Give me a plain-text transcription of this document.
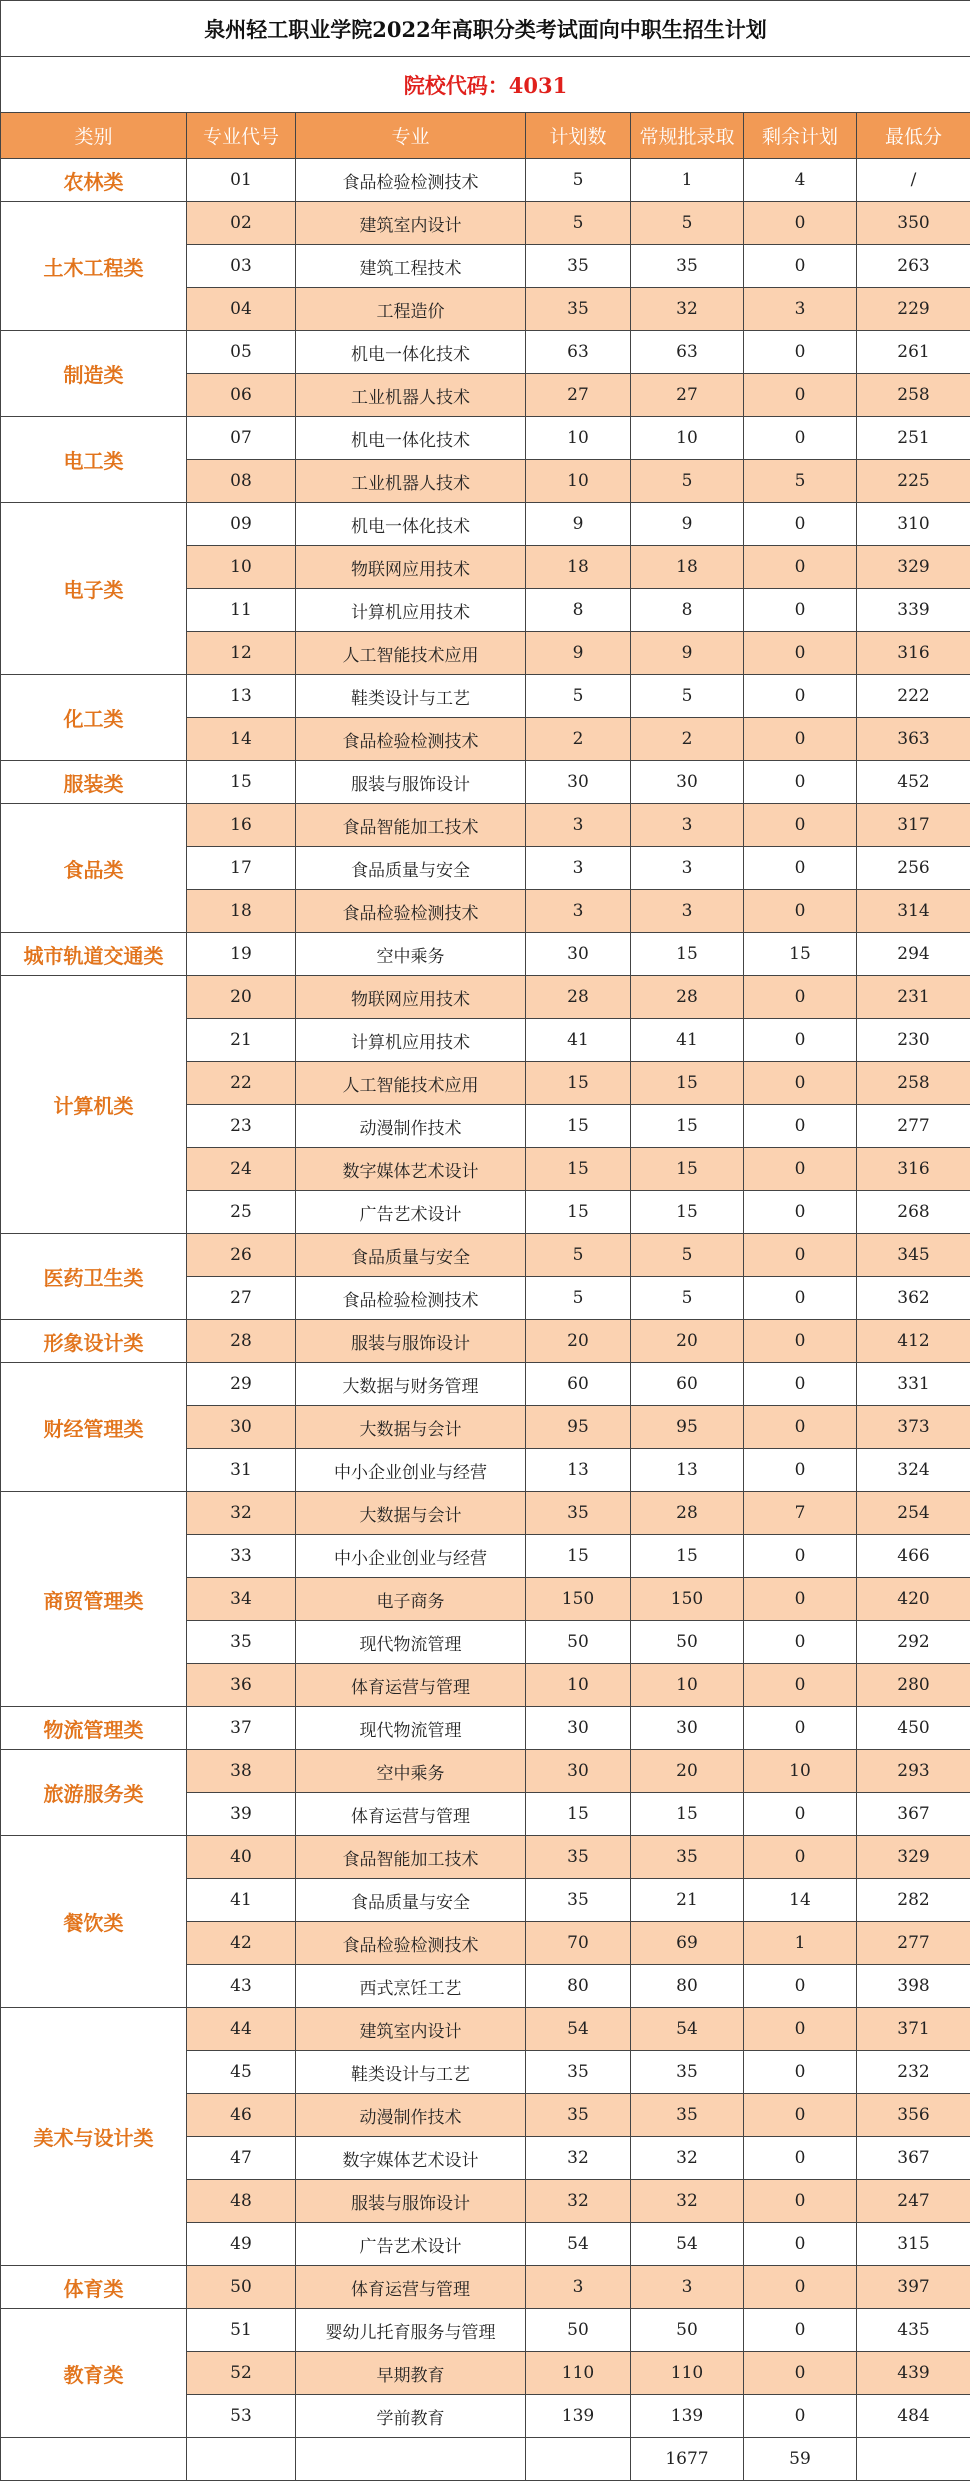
泉州轻工职业学院2022年高职分类考试面向中职生招生计划						
院校代码：4031						
类别	专业代号	专业	计划数	常规批录取	剩余计划	最低分
农林类	01	食品检验检测技术	5	1	4	/
土木工程类	02	建筑室内设计	5	5	0	350
	03	建筑工程技术	35	35	0	263
	04	工程造价	35	32	3	229
制造类	05	机电一体化技术	63	63	0	261
	06	工业机器人技术	27	27	0	258
电工类	07	机电一体化技术	10	10	0	251
	08	工业机器人技术	10	5	5	225
电子类	09	机电一体化技术	9	9	0	310
	10	物联网应用技术	18	18	0	329
	11	计算机应用技术	8	8	0	339
	12	人工智能技术应用	9	9	0	316
化工类	13	鞋类设计与工艺	5	5	0	222
	14	食品检验检测技术	2	2	0	363
服装类	15	服装与服饰设计	30	30	0	452
食品类	16	食品智能加工技术	3	3	0	317
	17	食品质量与安全	3	3	0	256
	18	食品检验检测技术	3	3	0	314
城市轨道交通类	19	空中乘务	30	15	15	294
计算机类	20	物联网应用技术	28	28	0	231
	21	计算机应用技术	41	41	0	230
	22	人工智能技术应用	15	15	0	258
	23	动漫制作技术	15	15	0	277
	24	数字媒体艺术设计	15	15	0	316
	25	广告艺术设计	15	15	0	268
医药卫生类	26	食品质量与安全	5	5	0	345
	27	食品检验检测技术	5	5	0	362
形象设计类	28	服装与服饰设计	20	20	0	412
财经管理类	29	大数据与财务管理	60	60	0	331
	30	大数据与会计	95	95	0	373
	31	中小企业创业与经营	13	13	0	324
商贸管理类	32	大数据与会计	35	28	7	254
	33	中小企业创业与经营	15	15	0	466
	34	电子商务	150	150	0	420
	35	现代物流管理	50	50	0	292
	36	体育运营与管理	10	10	0	280
物流管理类	37	现代物流管理	30	30	0	450
旅游服务类	38	空中乘务	30	20	10	293
	39	体育运营与管理	15	15	0	367
餐饮类	40	食品智能加工技术	35	35	0	329
	41	食品质量与安全	35	21	14	282
	42	食品检验检测技术	70	69	1	277
	43	西式烹饪工艺	80	80	0	398
美术与设计类	44	建筑室内设计	54	54	0	371
	45	鞋类设计与工艺	35	35	0	232
	46	动漫制作技术	35	35	0	356
	47	数字媒体艺术设计	32	32	0	367
	48	服装与服饰设计	32	32	0	247
	49	广告艺术设计	54	54	0	315
体育类	50	体育运营与管理	3	3	0	397
教育类	51	婴幼儿托育服务与管理	50	50	0	435
	52	早期教育	110	110	0	439
	53	学前教育	139	139	0	484
				1677	59	
